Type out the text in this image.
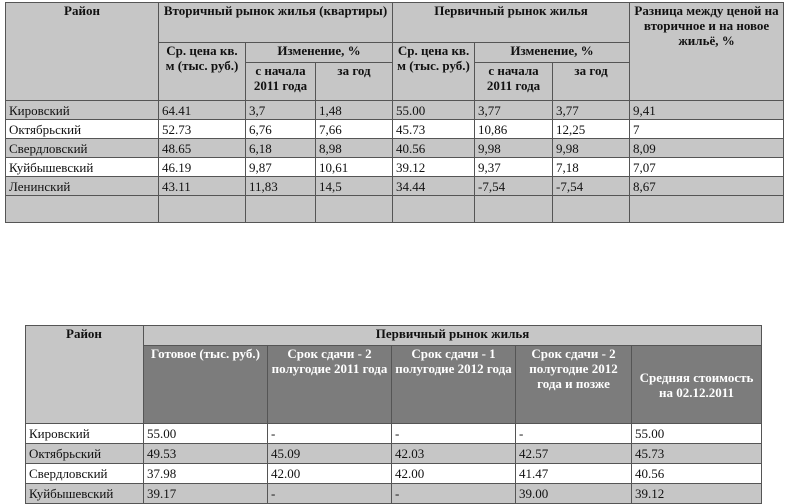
Район	Вторичный рынок жилья (квартиры)			Первичный рынок жилья			Разница между ценой на вторичное и на новое жильё, %
	Ср. цена кв. м (тыс. руб.)	Изменение, %		Ср. цена кв. м (тыс. руб.)	Изменение, %		
		с начала 2011 года	за год		с начала 2011 года	за год	
Кировский	64.41	3,7	1,48	55.00	3,77	3,77	9,41
Октябрьский	52.73	6,76	7,66	45.73	10,86	12,25	7
Свердловский	48.65	6,18	8,98	40.56	9,98	9,98	8,09
Куйбышевский	46.19	9,87	10,61	39.12	9,37	7,18	7,07
Ленинский	43.11	11,83	14,5	34.44	-7,54	-7,54	8,67

Район	Первичный рынок жилья				
	Готовое (тыс. руб.)	Срок сдачи - 2 полугодие 2011 года	Срок сдачи - 1 полугодие 2012 года	Срок сдачи - 2 полугодие 2012 года и позже	Средняя стоимость на 02.12.2011
Кировский	55.00	-	-	-	55.00
Октябрьский	49.53	45.09	42.03	42.57	45.73
Свердловский	37.98	42.00	42.00	41.47	40.56
Куйбышевский	39.17	-	-	39.00	39.12
